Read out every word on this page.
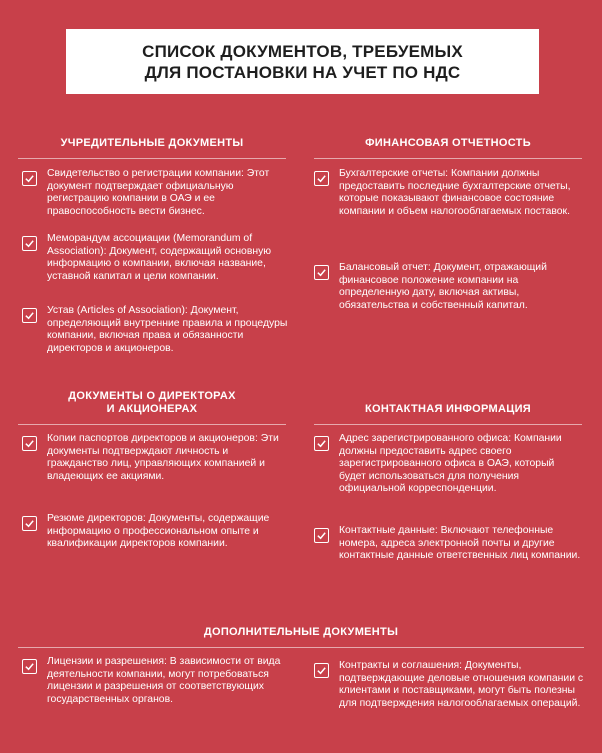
СПИСОК ДОКУМЕНТОВ, ТРЕБУЕМЫХ
ДЛЯ ПОСТАНОВКИ НА УЧЕТ ПО НДС
УЧРЕДИТЕЛЬНЫЕ ДОКУМЕНТЫ
Свидетельство о регистрации компании: Этот документ подтверждает официальную регистрацию компании в ОАЭ и ее правоспособность вести бизнес.
Меморандум ассоциации (Memorandum of Association): Документ, содержащий основную информацию о компании, включая название, уставной капитал и цели компании.
Устав (Articles of Association): Документ, определяющий внутренние правила и процедуры компании, включая права и обязанности директоров и акционеров.
ФИНАНСОВАЯ ОТЧЕТНОСТЬ
Бухгалтерские отчеты: Компании должны предоставить последние бухгалтерские отчеты, которые показывают финансовое состояние компании и объем налогооблагаемых поставок.
Балансовый отчет: Документ, отражающий финансовое положение компании на определенную дату, включая активы, обязательства и собственный капитал.
ДОКУМЕНТЫ О ДИРЕКТОРАХ
И АКЦИОНЕРАХ
Копии паспортов директоров и акционеров: Эти документы подтверждают личность и гражданство лиц, управляющих компанией и владеющих ее акциями.
Резюме директоров: Документы, содержащие информацию о профессиональном опыте и квалификации директоров компании.
КОНТАКТНАЯ ИНФОРМАЦИЯ
Адрес зарегистрированного офиса: Компании должны предоставить адрес своего зарегистрированного офиса в ОАЭ, который будет использоваться для получения официальной корреспонденции.
Контактные данные: Включают телефонные номера, адреса электронной почты и другие контактные данные ответственных лиц компании.
ДОПОЛНИТЕЛЬНЫЕ ДОКУМЕНТЫ
Лицензии и разрешения: В зависимости от вида деятельности компании, могут потребоваться лицензии и разрешения от соответствующих государственных органов.
Контракты и соглашения: Документы, подтверждающие деловые отношения компании с клиентами и поставщиками, могут быть полезны для подтверждения налогооблагаемых операций.
